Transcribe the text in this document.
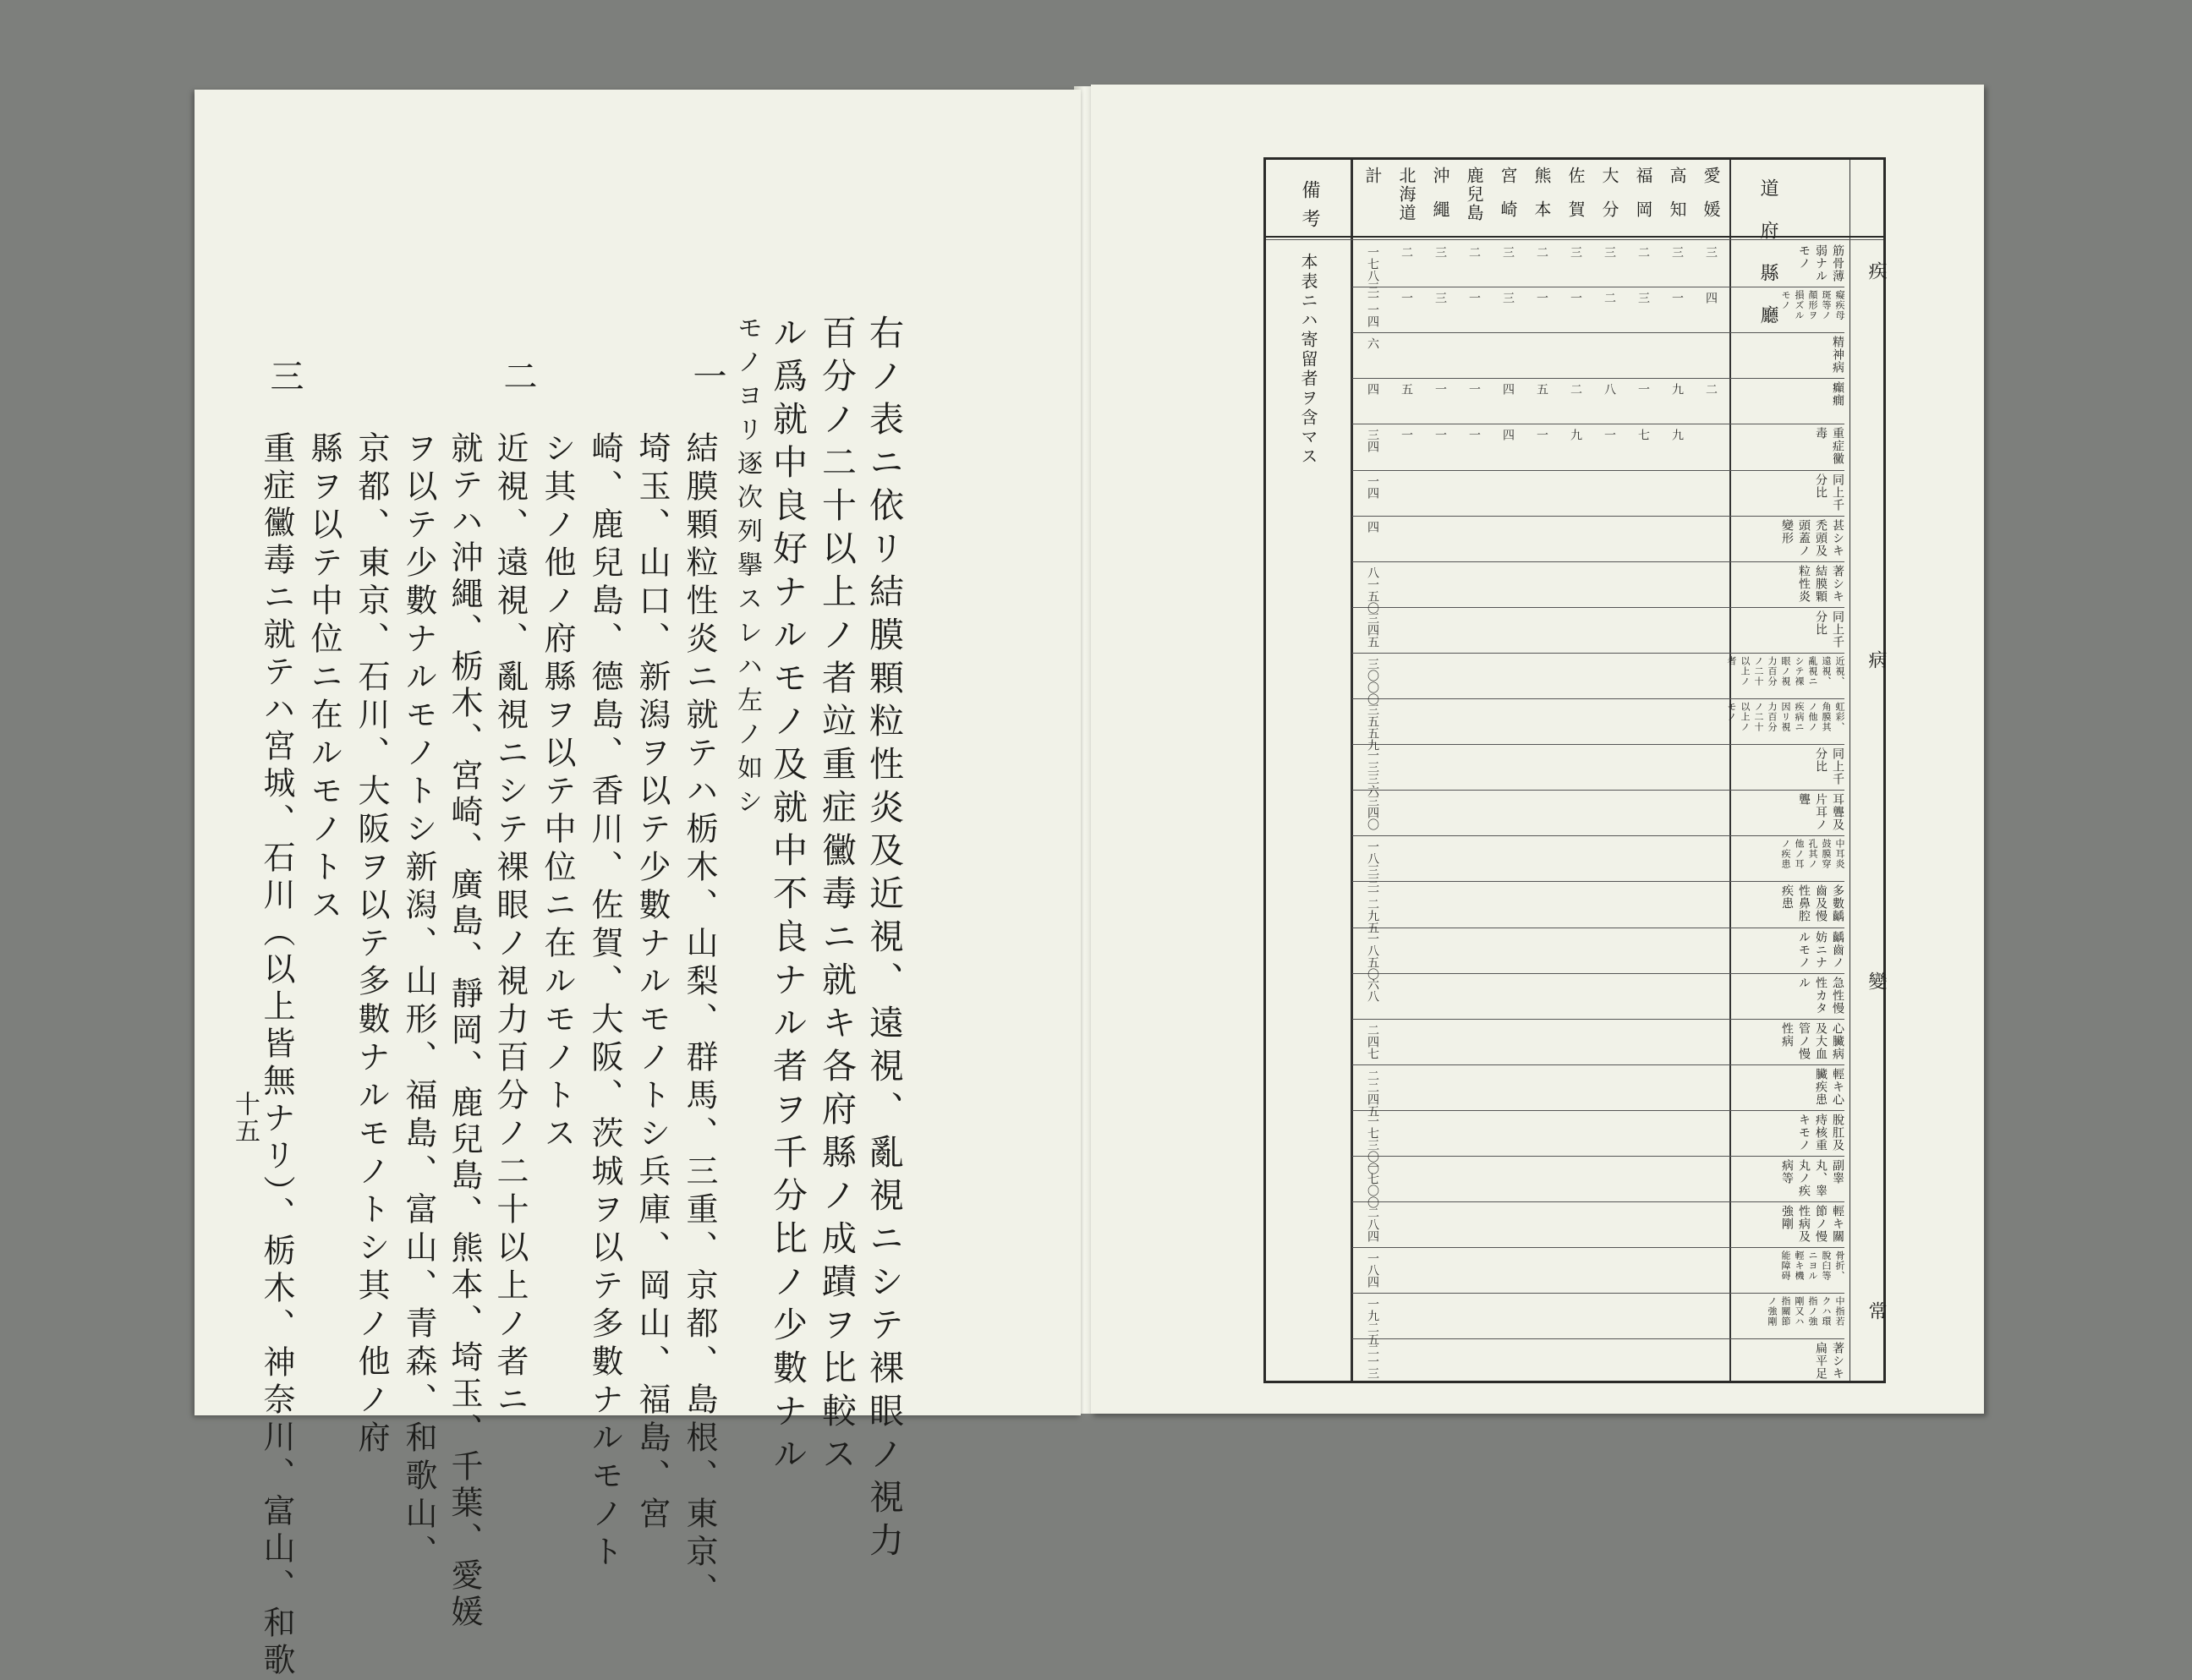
右ノ表ニ依リ結膜顆粒性炎及近視、遠視、亂視ニシテ裸眼ノ視力
百分ノ二十以上ノ者竝重症黴毒ニ就キ各府縣ノ成蹟ヲ比較ス
ル爲就中良好ナルモノ及就中不良ナル者ヲ千分比ノ少數ナル
モノヨリ逐次列擧スレハ左ノ如シ
一
結膜顆粒性炎ニ就テハ栃木、山梨、群馬、三重、京都、島根、東京、
埼玉、山口、新潟ヲ以テ少數ナルモノトシ兵庫、岡山、福島、宮
崎、鹿兒島、德島、香川、佐賀、大阪、茨城ヲ以テ多數ナルモノト
シ其ノ他ノ府縣ヲ以テ中位ニ在ルモノトス
二
近視、遠視、亂視ニシテ裸眼ノ視力百分ノ二十以上ノ者ニ
就テハ沖繩、栃木、宮崎、廣島、靜岡、鹿兒島、熊本、埼玉、千葉、愛媛
ヲ以テ少數ナルモノトシ新潟、山形、福島、富山、青森、和歌山、
京都、東京、石川、大阪ヲ以テ多數ナルモノトシ其ノ他ノ府
縣ヲ以テ中位ニ在ルモノトス
三
重症黴毒ニ就テハ宮城、石川（以上皆無ナリ）、栃木、神奈川、富山、和歌
十五
備考
本表ニハ寄留者ヲ含マス	道府縣廳	疾
病
變
常
愛媛
高知
福岡
大分
佐賀
熊本
宮崎
鹿兒島
沖繩
北海道
計
筋骨薄弱ナルモノ
癡疾母斑等ノ顏形ヲ損ズルモノ
精神病
癲癇
重症黴毒
同上千分比
甚シキ禿頭及頭蓋ノ變形
著シキ結膜顆粒性炎
同上千分比
近視、遠視、亂視ニシテ裸眼ノ視力百分ノ二十以上ノ者
虹彩、角膜其ノ他ノ疾病ニ因リ視力百分ノ二十以上ノモノ
同上千分比
耳聾及片耳ノ聾
中耳炎鼓膜穿孔其ノ他ノ耳ノ疾患
多數齲齒及慢性鼻腔疾患
齲齒ノ妨ニナルモノ
急性慢性カタル
心臟病及大血管ノ慢性病
輕キ心臟疾患
脫肛及痔核重キモノ
副睾丸、睾丸ノ疾病等
輕キ關節ノ慢性病及強剛
骨折、脫臼等ニヨル輕キ機能障碍
中指若クハ環指ノ強剛又ハ指關節ノ強剛
著シキ扁平足
三
三
二
三
三
二
三
二
三
二
一七八三
四
一
三
二
一
一
三
一
三
一
一一四
六
二
九
一
八
二
五
四
一
一
五
四
九
七
一
九
一
四
一
一
一
三四
一四
四
八一五〇
三四五
三〇〇〇
三五五九
一三三六
三四〇
一八三三
一二九五
一八五〇
六八
二四七
二二四五
一七三〇〇
一七〇〇
二八四
一八四
一九二五
二一三
